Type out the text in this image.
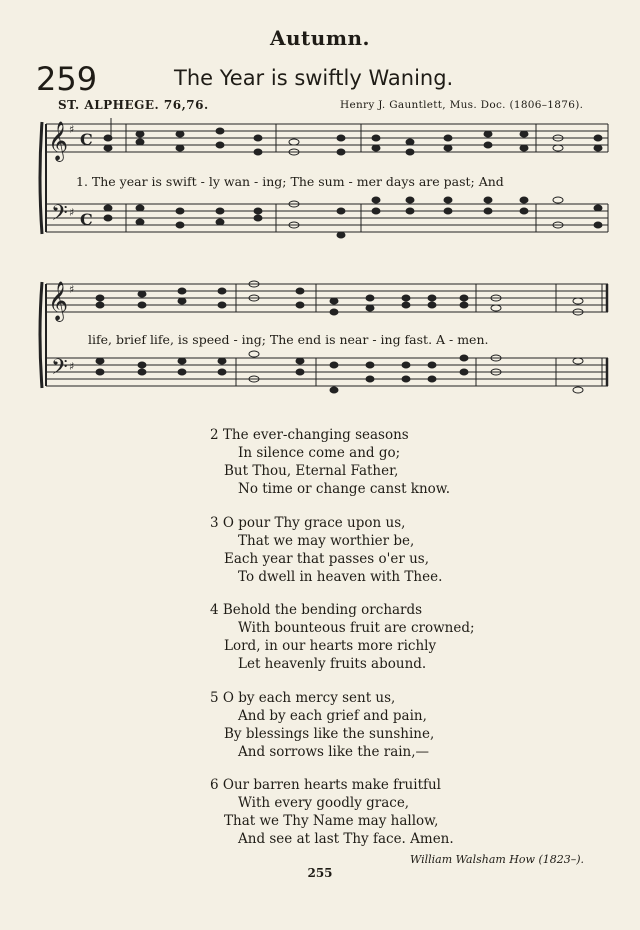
Autumn.
259	The Year is swiftly Waning.
ST. ALPHEGE. 76,76.	Henry J. Gauntlett, Mus. Doc. (1806–1876).
𝄞
𝄢
♯
♯
C
C
1. The year is swift - ly wan - ing; The sum - mer days are past; And
𝄞
𝄢
♯
♯
life, brief life, is speed - ing; The end is near - ing fast. A - men.
2 The ever-changing seasons
In silence come and go;
But Thou, Eternal Father,
No time or change canst know.
3 O pour Thy grace upon us,
That we may worthier be,
Each year that passes o'er us,
To dwell in heaven with Thee.
4 Behold the bending orchards
With bounteous fruit are crowned;
Lord, in our hearts more richly
Let heavenly fruits abound.
5 O by each mercy sent us,
And by each grief and pain,
By blessings like the sunshine,
And sorrows like the rain,—
6 Our barren hearts make fruitful
With every goodly grace,
That we Thy Name may hallow,
And see at last Thy face. Amen.
William Walsham How (1823–).
255
